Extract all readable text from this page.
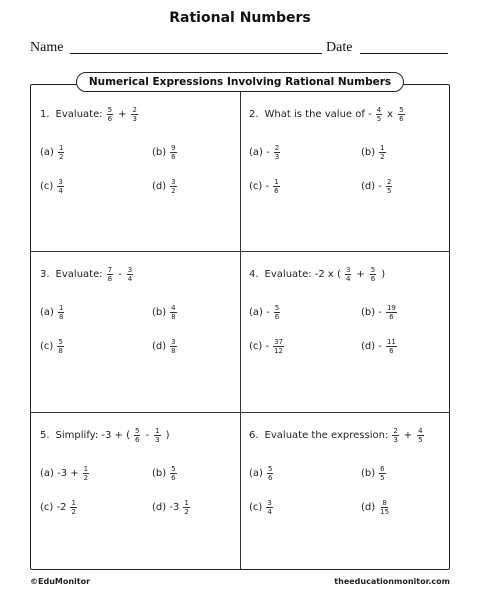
Rational Numbers
Name	Date
Numerical Expressions Involving Rational Numbers
1. Evaluate: $\frac{5}{6} + \frac{2}{3}$
$(a) \frac{1}{2}$	$(b) \frac{9}{6}$
$(c) \frac{3}{4}$	$(d) \frac{3}{2}$
2. What is the value of - $\frac{4}{5}$ x $\frac{5}{6}$
$(a) - \frac{2}{3}$	$(b) \frac{1}{2}$
$(c) - \frac{1}{6}$	$(d) - \frac{2}{5}$
3. Evaluate: $\frac{7}{8} - \frac{3}{4}$
$(a) \frac{1}{8}$	$(b) \frac{4}{8}$
$(c) \frac{5}{8}$	$(d) \frac{3}{8}$
4. Evaluate: -2 x ( $\frac{3}{4} + \frac{5}{6}$ )
$(a) - \frac{5}{6}$	$(b) - \frac{19}{6}$
$(c) - \frac{37}{12}$	$(d) - \frac{11}{6}$
5. Simplify: -3 + ( $\frac{5}{6} - \frac{1}{3}$ )
(a) $-3 + \frac{1}{2}$	$(b) \frac{5}{6}$
(c) $-2 \frac{1}{2}$	(d) $-3 \frac{1}{2}$
6. Evaluate the expression: $\frac{2}{3} + \frac{4}{5}$
$(a) \frac{5}{6}$	$(b) \frac{6}{5}$
$(c) \frac{3}{4}$	$(d) \frac{8}{15}$
©EduMonitor	theeducationmonitor.com
